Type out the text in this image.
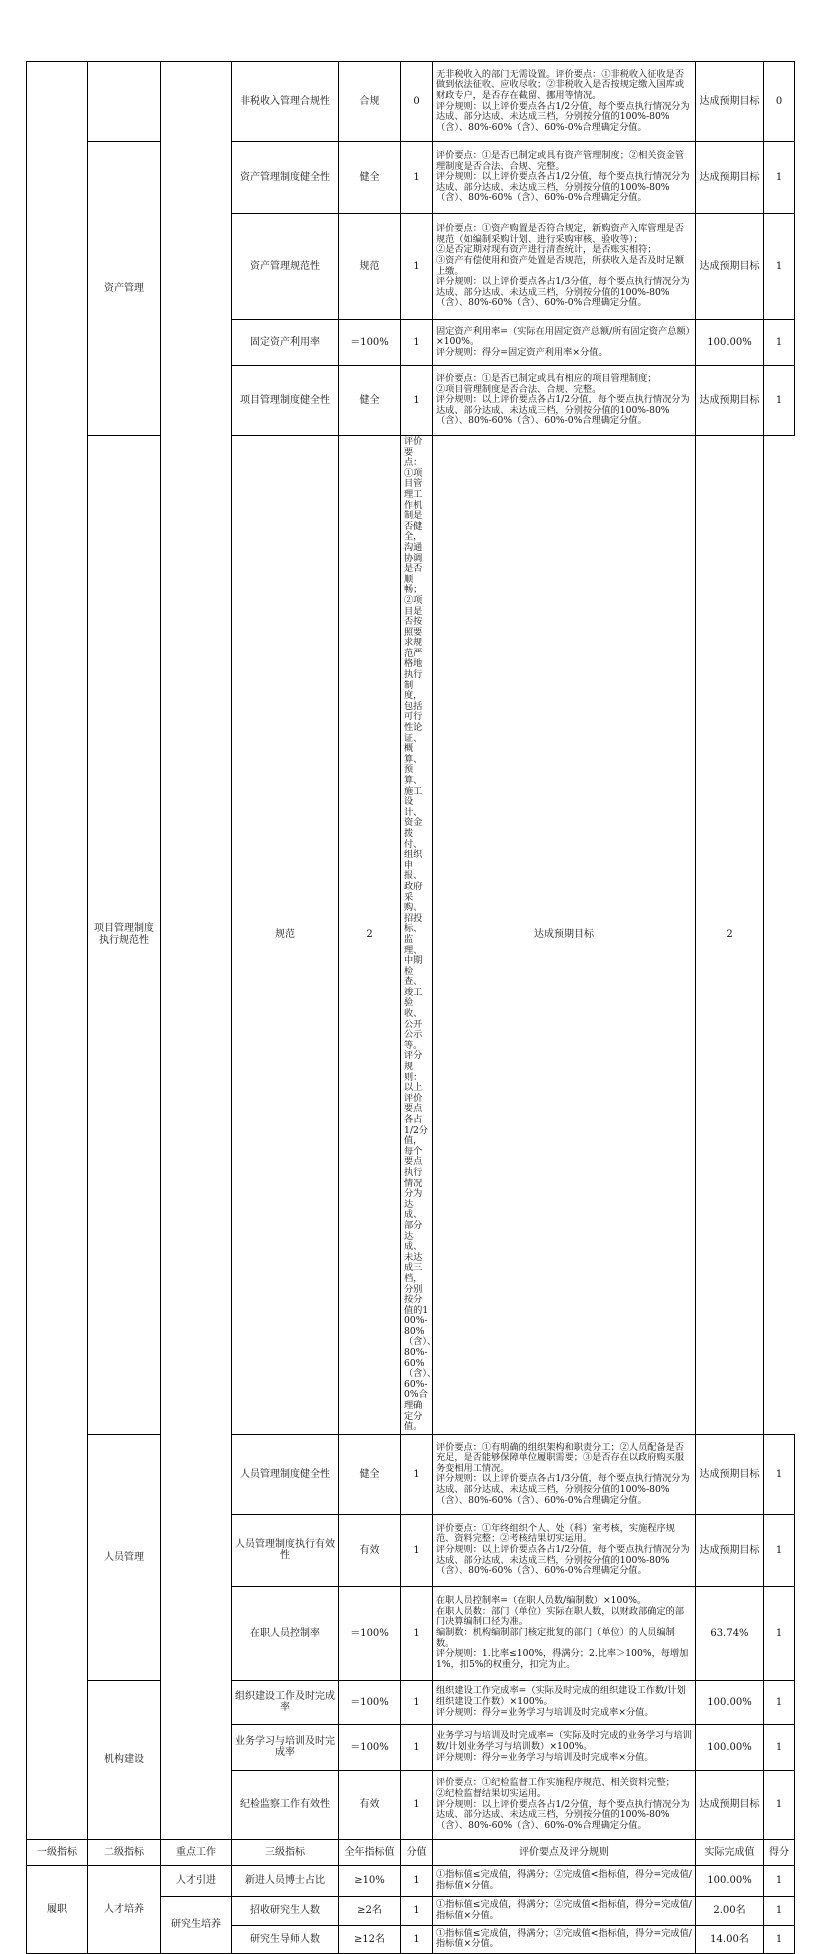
			非税收入管理合规性	合规	0	无非税收入的部门无需设置。评价要点：①非税收入征收是否做到依法征收、应收尽收；②非税收入是否按规定缴入国库或财政专户，是否存在截留、挪用等情况。
评分规则：以上评价要点各占1/2分值，每个要点执行情况分为达成、部分达成、未达成三档，分别按分值的100%-80%（含）、80%-60%（含）、60%-0%合理确定分值。	达成预期目标	0
	资产管理		资产管理制度健全性	健全	1	评价要点：①是否已制定或具有资产管理制度；②相关资金管理制度是否合法、合规、完整。
评分规则：以上评价要点各占1/2分值，每个要点执行情况分为达成、部分达成、未达成三档，分别按分值的100%-80%（含）、80%-60%（含）、60%-0%合理确定分值。	达成预期目标	1
			资产管理规范性	规范	1	评价要点：①资产购置是否符合规定，新购资产入库管理是否规范（如编制采购计划、进行采购审核、验收等）；
②是否定期对现有资产进行清查统计，是否账实相符；
③资产有偿使用和资产处置是否规范，所获收入是否及时足额上缴。
评分规则：以上评价要点各占1/3分值，每个要点执行情况分为达成、部分达成、未达成三档，分别按分值的100%-80%（含）、80%-60%（含）、60%-0%合理确定分值。	达成预期目标	1
			固定资产利用率	＝100%	1	固定资产利用率=（实际在用固定资产总额/所有固定资产总额）×100%。
评分规则：得分=固定资产利用率×分值。	100.00%	1
			项目管理制度健全性	健全	1	评价要点：①是否已制定或具有相应的项目管理制度；
②项目管理制度是否合法、合规、完整。
评分规则：以上评价要点各占1/2分值，每个要点执行情况分为达成、部分达成、未达成三档，分别按分值的100%-80%（含）、80%-60%（含）、60%-0%合理确定分值。	达成预期目标	1
	项目管理制度执行规范性		规范	2	评价要点：①项目管理工作机制是否健全，沟通协调是否顺畅；②项目是否按照要求规范严格地执行制度，包括可行性论证、概算、预算、施工设计、资金拨付、组织申报、政府采购、招投标、监理、中期检查、竣工验收、公开公示等。
评分规则：以上评价要点各占1/2分值，每个要点执行情况分为达成、部分达成、未达成三档，分别按分值的100%-80%（含）、80%-60%（含）、60%-0%合理确定分值。	达成预期目标	2	
	人员管理		人员管理制度健全性	健全	1	评价要点：①有明确的组织架构和职责分工；②人员配备是否充足，是否能够保障单位履职需要；③是否存在以政府购买服务变相用工情况。
评分规则：以上评价要点各占1/3分值，每个要点执行情况分为达成、部分达成、未达成三档，分别按分值的100%-80%（含）、80%-60%（含）、60%-0%合理确定分值。	达成预期目标	1
			人员管理制度执行有效性	有效	1	评价要点：①年终组织个人、处（科）室考核，实施程序规范、资料完整；②考核结果切实运用。
评分规则：以上评价要点各占1/2分值，每个要点执行情况分为达成、部分达成、未达成三档，分别按分值的100%-80%（含）、80%-60%（含）、60%-0%合理确定分值。	达成预期目标	1
			在职人员控制率	＝100%	1	在职人员控制率=（在职人员数/编制数）×100%。
在职人员数：部门（单位）实际在职人数，以财政部确定的部门决算编制口径为准。
编制数：机构编制部门核定批复的部门（单位）的人员编制数。
评分规则：1.比率≤100%，得满分；2.比率＞100%，每增加1%，扣5%的权重分，扣完为止。	63.74%	1
	机构建设		组织建设工作及时完成率	＝100%	1	组织建设工作完成率=（实际及时完成的组织建设工作数/计划组织建设工作数）×100%。
评分规则：得分=业务学习与培训及时完成率×分值。	100.00%	1
			业务学习与培训及时完成率	＝100%	1	业务学习与培训及时完成率=（实际及时完成的业务学习与培训数/计划业务学习与培训数）×100%。
评分规则：得分=业务学习与培训及时完成率×分值。	100.00%	1
			纪检监察工作有效性	有效	1	评价要点：①纪检监督工作实施程序规范、相关资料完整；
②纪检监督结果切实运用。
评分规则：以上评价要点各占1/2分值，每个要点执行情况分为达成、部分达成、未达成三档，分别按分值的100%-80%（含）、80%-60%（含）、60%-0%合理确定分值。	达成预期目标	1
一级指标	二级指标	重点工作	三级指标	全年指标值	分值	评价要点及评分规则	实际完成值	得分
履职	人才培养	人才引进	新进人员博士占比	≥10%	1	①指标值≤完成值，得满分；②完成值<指标值，得分=完成值/指标值×分值。	100.00%	1
		研究生培养	招收研究生人数	≥2名	1	①指标值≤完成值，得满分；②完成值<指标值，得分=完成值/指标值×分值。	2.00名	1
			研究生导师人数	≥12名	1	①指标值≤完成值，得满分；②完成值<指标值，得分=完成值/指标值×分值。	14.00名	1
